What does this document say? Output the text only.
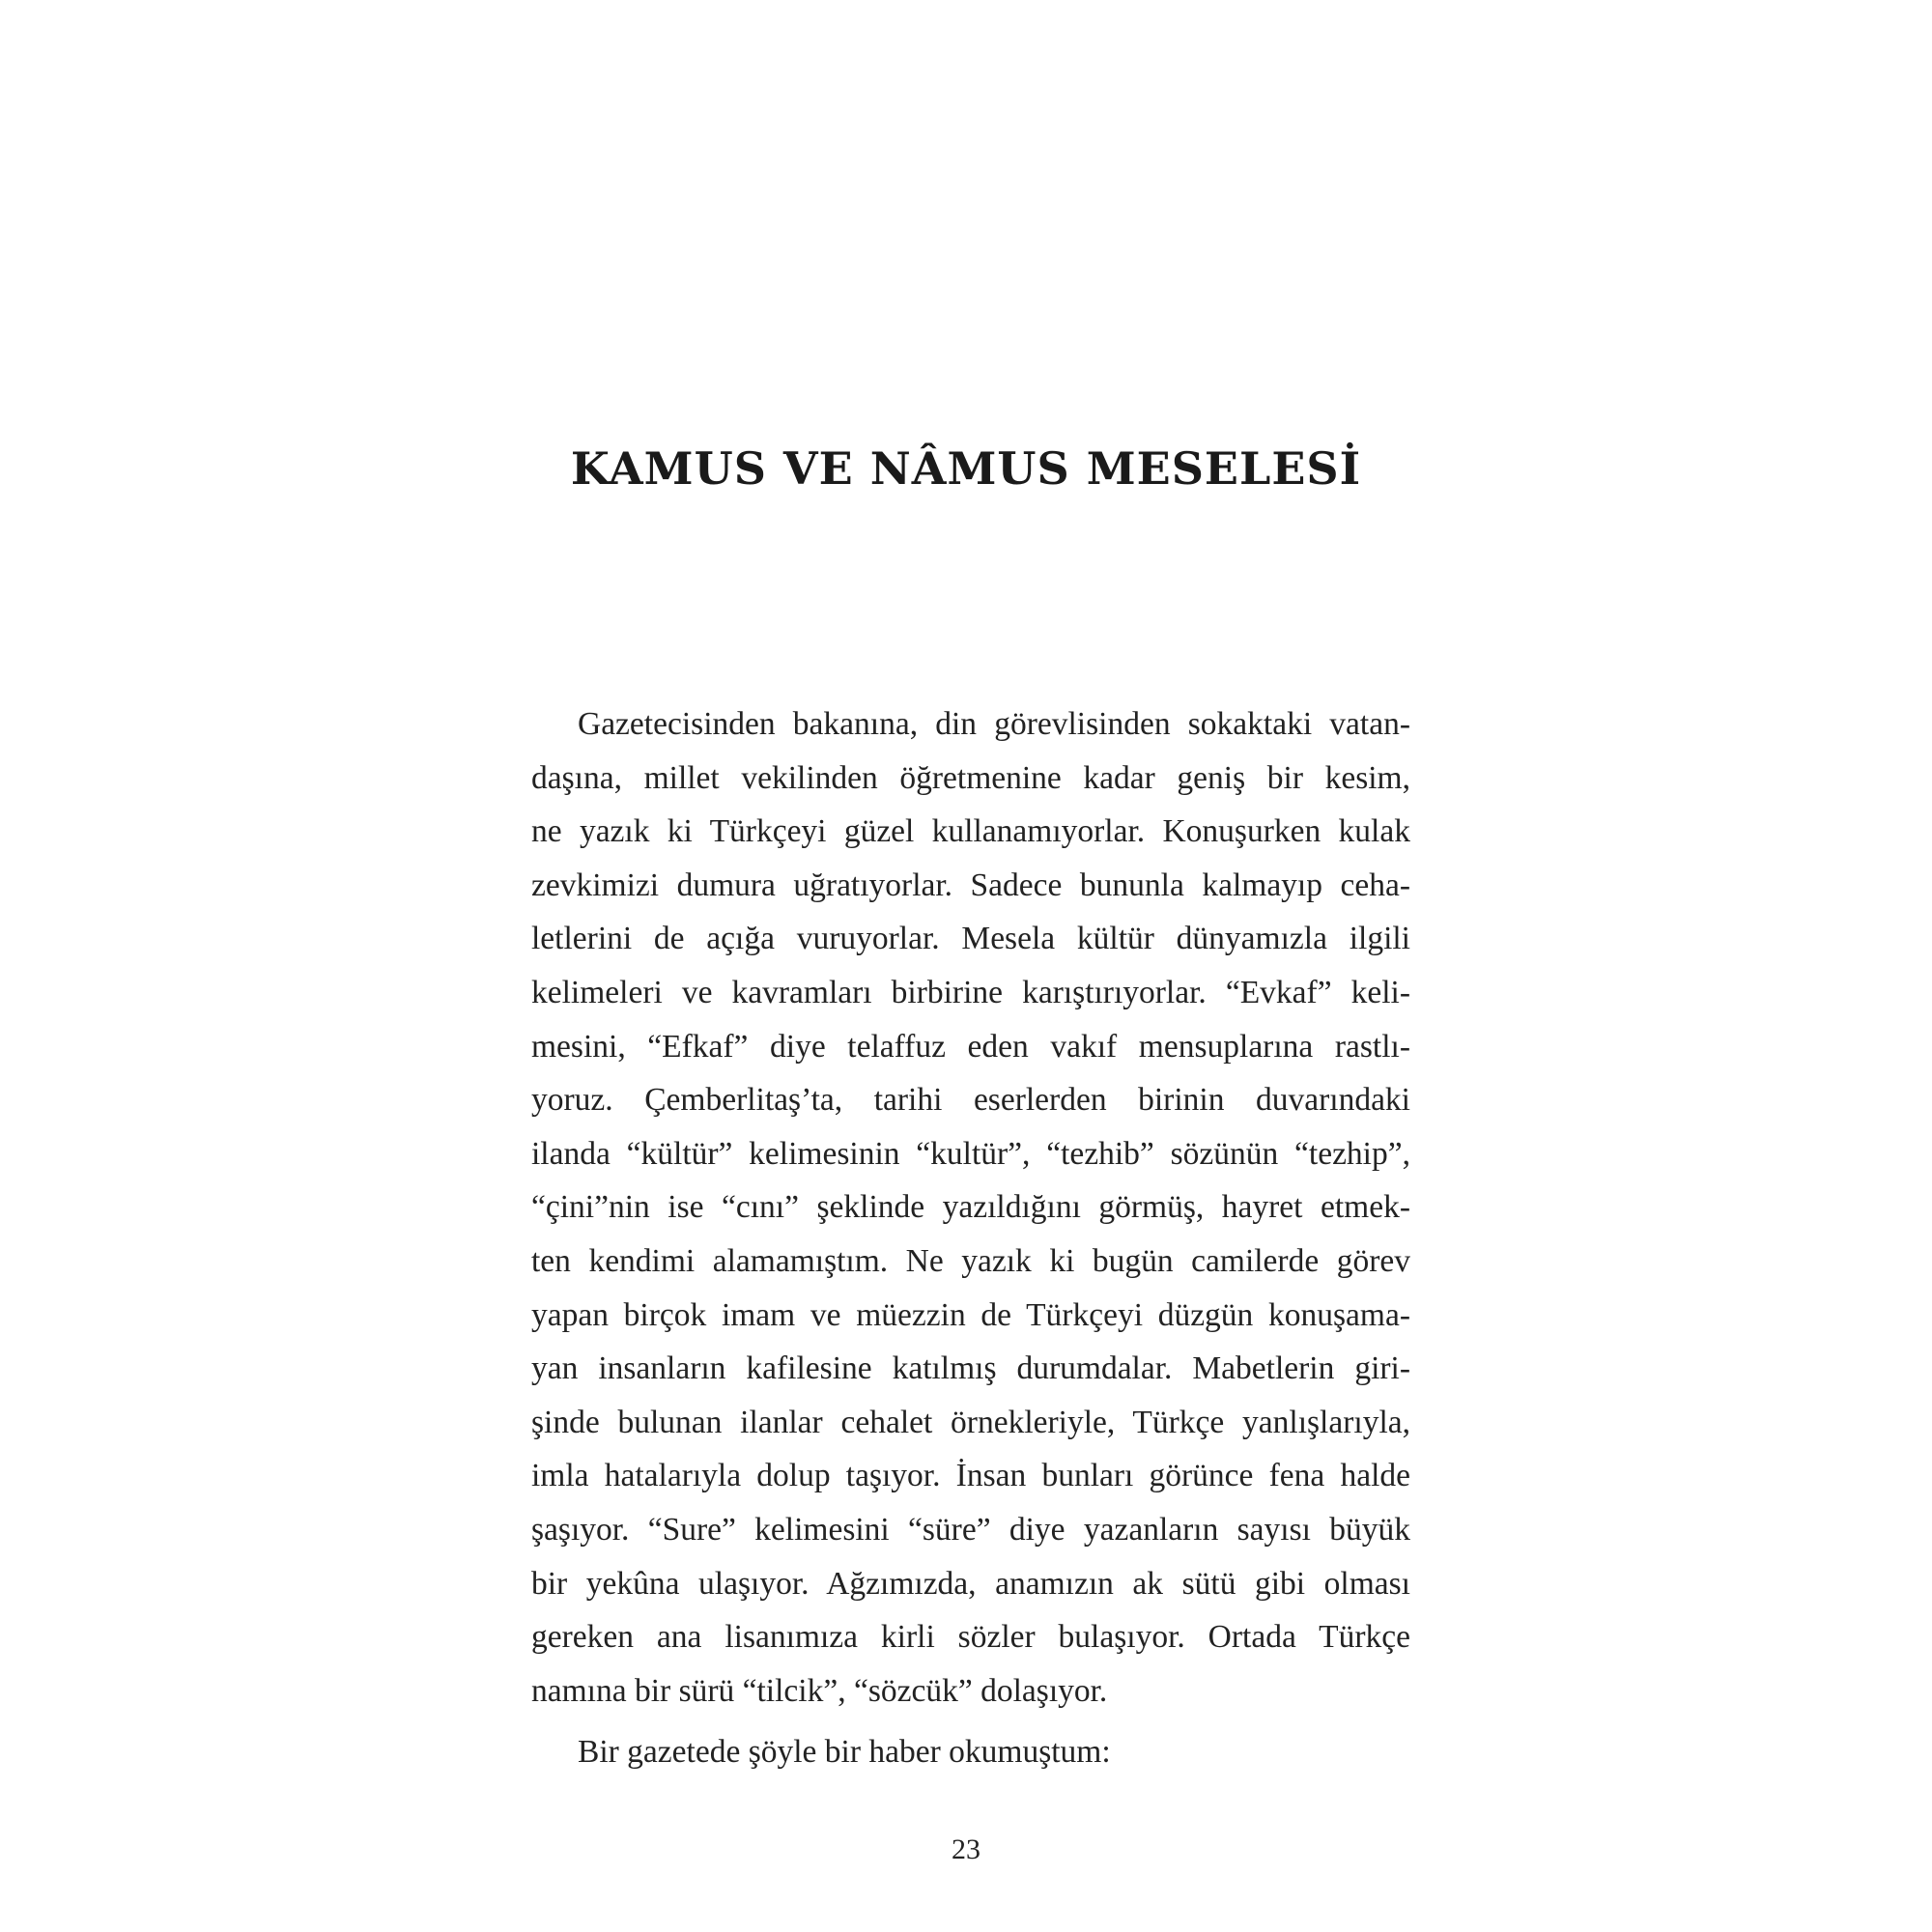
KAMUS VE NÂMUS MESELESİ
Gazetecisinden bakanına, din görevlisinden sokaktaki vatan-
daşına, millet vekilinden öğretmenine kadar geniş bir kesim,
ne yazık ki Türkçeyi güzel kullanamıyorlar. Konuşurken kulak
zevkimizi dumura uğratıyorlar. Sadece bununla kalmayıp ceha-
letlerini de açığa vuruyorlar. Mesela kültür dünyamızla ilgili
kelimeleri ve kavramları birbirine karıştırıyorlar. “Evkaf” keli-
mesini, “Efkaf” diye telaffuz eden vakıf mensuplarına rastlı-
yoruz. Çemberlitaş’ta, tarihi eserlerden birinin duvarındaki
ilanda “kültür” kelimesinin “kultür”, “tezhib” sözünün “tezhip”,
“çini”nin ise “cını” şeklinde yazıldığını görmüş, hayret etmek-
ten kendimi alamamıştım. Ne yazık ki bugün camilerde görev
yapan birçok imam ve müezzin de Türkçeyi düzgün konuşama-
yan insanların kafilesine katılmış durumdalar. Mabetlerin giri-
şinde bulunan ilanlar cehalet örnekleriyle, Türkçe yanlışlarıyla,
imla hatalarıyla dolup taşıyor. İnsan bunları görünce fena halde
şaşıyor. “Sure” kelimesini “süre” diye yazanların sayısı büyük
bir yekûna ulaşıyor. Ağzımızda, anamızın ak sütü gibi olması
gereken ana lisanımıza kirli sözler bulaşıyor. Ortada Türkçe
namına bir sürü “tilcik”, “sözcük” dolaşıyor.
Bir gazetede şöyle bir haber okumuştum:
23
